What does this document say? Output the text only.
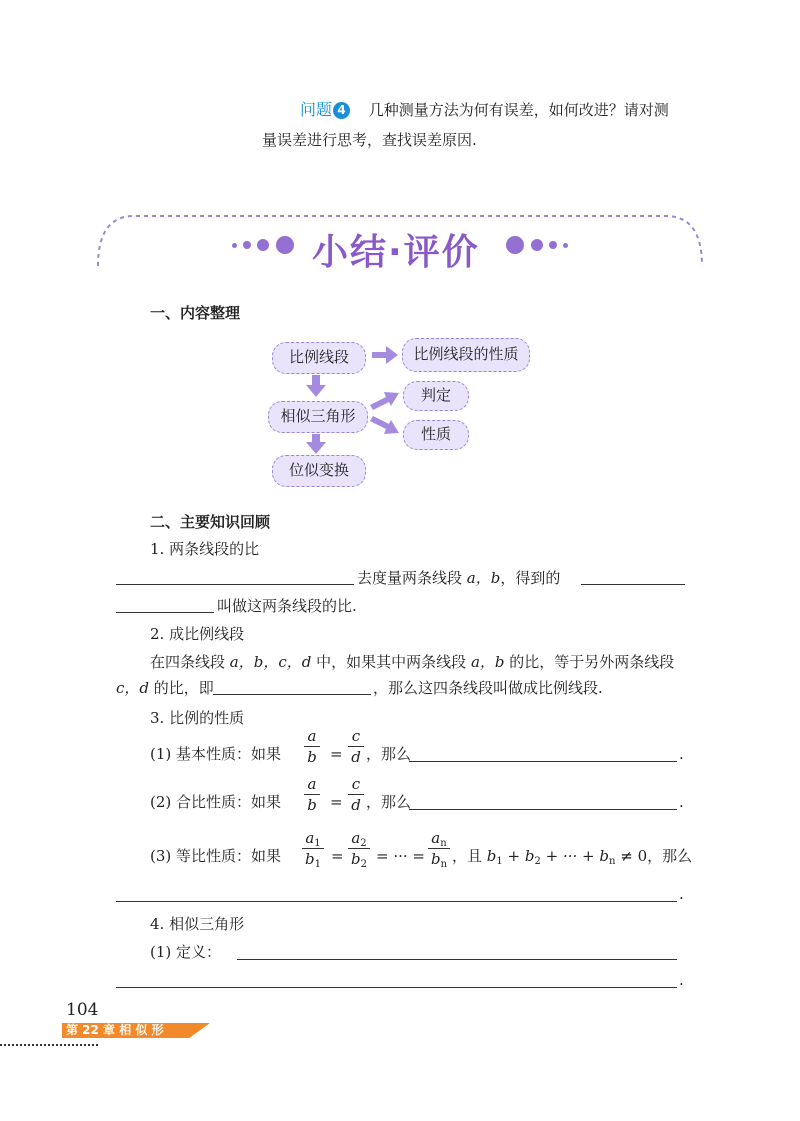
问题 4 几种测量方法为何有误差，如何改进？请对测
量误差进行思考，查找误差原因.
小结·评价
一、内容整理
比例线段	比例线段的性质
相似三角形
判定
性质
位似变换
二、主要知识回顾
1. 两条线段的比
去度量两条线段 a，b，得到的
叫做这两条线段的比.
2. 成比例线段
在四条线段 a，b，c，d 中，如果其中两条线段 a，b 的比，等于另外两条线段
c，d 的比，即	，那么这四条线段叫做成比例线段.
3. 比例的性质
(1) 基本性质：如果
a
b =
c
d ，那么	.
(2) 合比性质：如果
a
b =
c
d ，那么	.
(3) 等比性质：如果
$a_1$
$b_1$ =
$a_2$
$b_2$ = ··· =
$a_n$
$b_n$ ，且 $b_1 + b_2$ + ··· + $b_n \ne 0$，那么
.
4. 相似三角形
(1) 定义：
.
104
第 22 章 相 似 形
